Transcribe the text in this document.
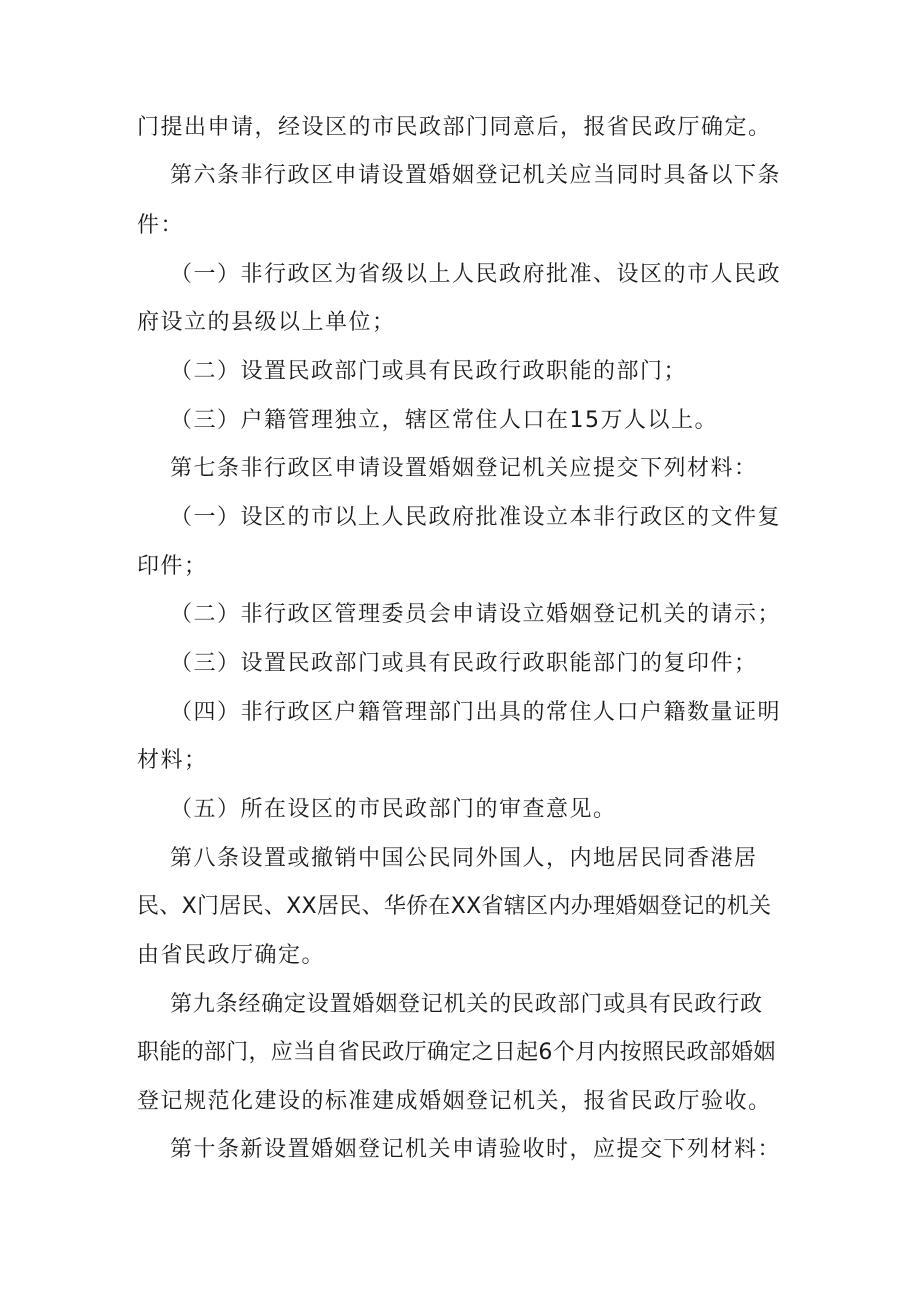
门提出申请，经设区的市民政部门同意后，报省民政厅确定。
第六条非行政区申请设置婚姻登记机关应当同时具备以下条
件：
（一）非行政区为省级以上人民政府批准、设区的市人民政
府设立的县级以上单位；
（二）设置民政部门或具有民政行政职能的部门；
（三）户籍管理独立，辖区常住人口在15万人以上。
第七条非行政区申请设置婚姻登记机关应提交下列材料：
（一）设区的市以上人民政府批准设立本非行政区的文件复
印件；
（二）非行政区管理委员会申请设立婚姻登记机关的请示；
（三）设置民政部门或具有民政行政职能部门的复印件；
（四）非行政区户籍管理部门出具的常住人口户籍数量证明
材料；
（五）所在设区的市民政部门的审查意见。
第八条设置或撤销中国公民同外国人，内地居民同香港居
民、X门居民、XX居民、华侨在XX省辖区内办理婚姻登记的机关
由省民政厅确定。
第九条经确定设置婚姻登记机关的民政部门或具有民政行政
职能的部门，应当自省民政厅确定之日起6个月内按照民政部婚姻
登记规范化建设的标准建成婚姻登记机关，报省民政厅验收。
第十条新设置婚姻登记机关申请验收时，应提交下列材料：
